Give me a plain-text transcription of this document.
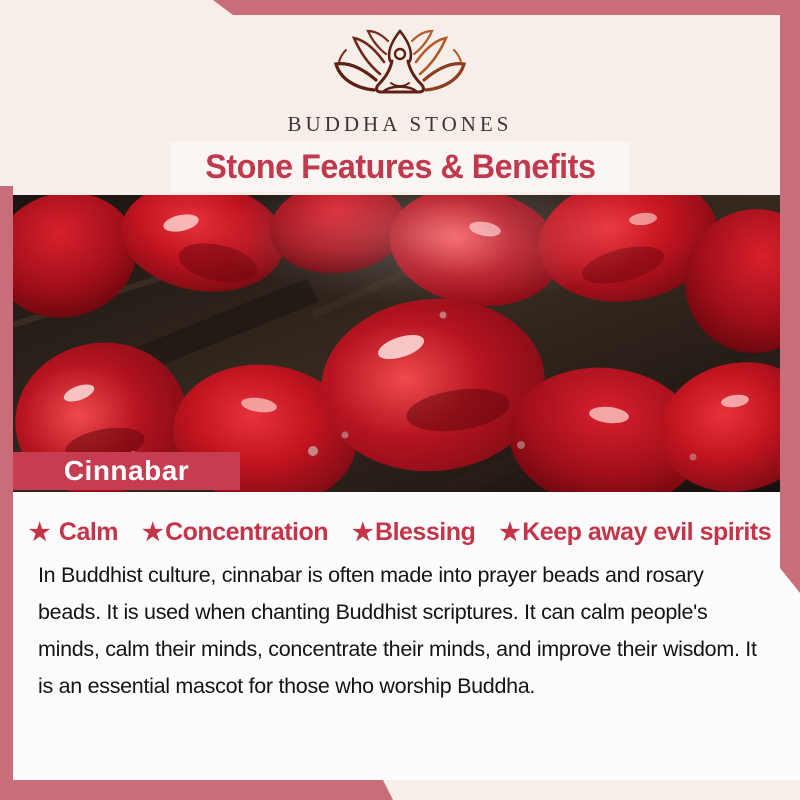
BUDDHA STONES
Stone Features & Benefits
Cinnabar
★ Calm ★ Concentration ★ Blessing ★ Keep away evil spirits
In Buddhist culture, cinnabar is often made into prayer beads and rosary beads. It is used when chanting Buddhist scriptures. It can calm people's minds, calm their minds, concentrate their minds, and improve their wisdom. It is an essential mascot for those who worship Buddha.
